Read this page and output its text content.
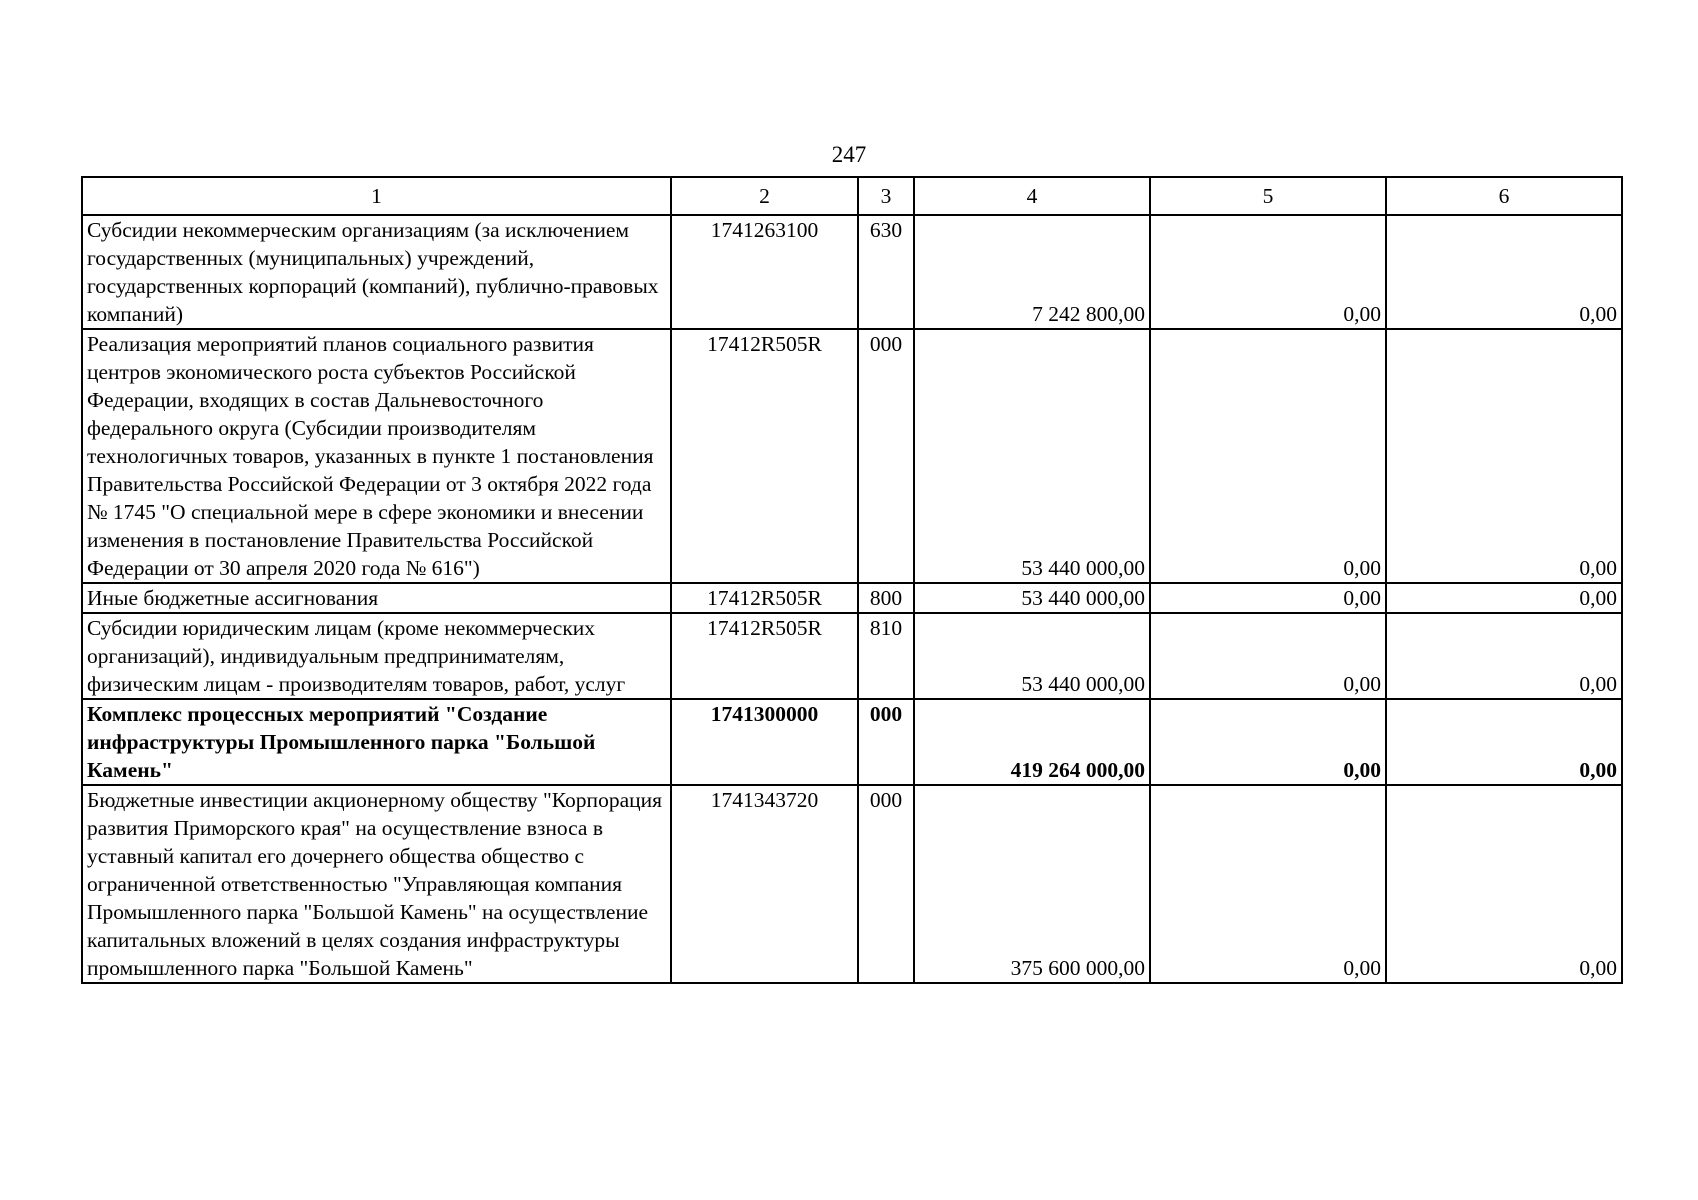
247
1	2	3	4	5	6
Субсидии некоммерческим организациям (за исключением государственных (муниципальных) учреждений, государственных корпораций (компаний), публично-правовых компаний)	1741263100	630	7 242 800,00	0,00	0,00
Реализация мероприятий планов социального развития центров экономического роста субъектов Российской Федерации, входящих в состав Дальневосточного федерального округа (Субсидии производителям технологичных товаров, указанных в пункте 1 постановления Правительства Российской Федерации от 3 октября 2022 года № 1745 "О специальной мере в сфере экономики и внесении изменения в постановление Правительства Российской Федерации от 30 апреля 2020 года № 616")	17412R505R	000	53 440 000,00	0,00	0,00
Иные бюджетные ассигнования	17412R505R	800	53 440 000,00	0,00	0,00
Субсидии юридическим лицам (кроме некоммерческих организаций), индивидуальным предпринимателям, физическим лицам - производителям товаров, работ, услуг	17412R505R	810	53 440 000,00	0,00	0,00
Комплекс процессных мероприятий "Создание инфраструктуры Промышленного парка "Большой Камень"	1741300000	000	419 264 000,00	0,00	0,00
Бюджетные инвестиции акционерному обществу "Корпорация развития Приморского края" на осуществление взноса в уставный капитал его дочернего общества общество с ограниченной ответственностью "Управляющая компания Промышленного парка "Большой Камень" на осуществление капитальных вложений в целях создания инфраструктуры промышленного парка "Большой Камень"	1741343720	000	375 600 000,00	0,00	0,00
